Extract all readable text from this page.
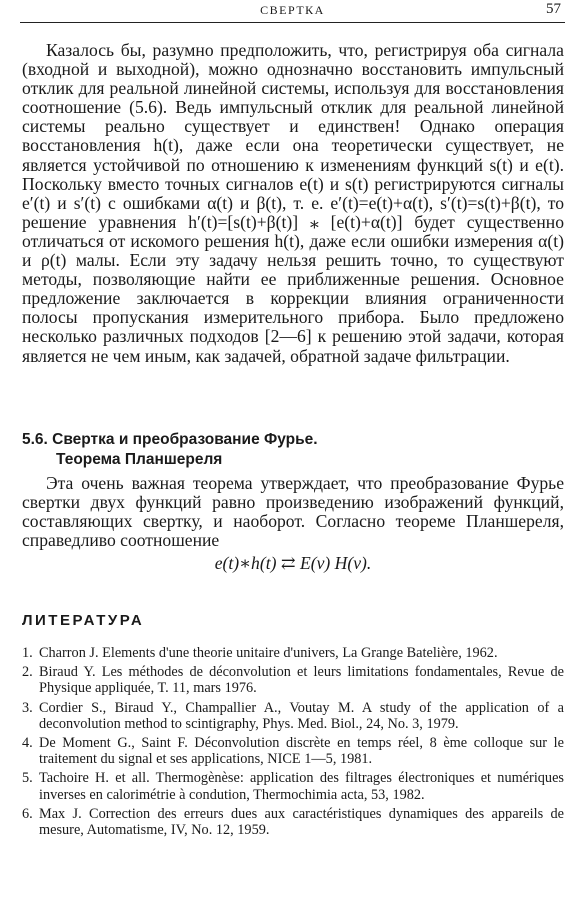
СВЕРТКА	57

Казалось бы, разумно предположить, что, регистрируя оба сигнала (входной и выходной), можно однозначно восстановить импульсный отклик для реальной линейной системы, используя для восстановления соотношение (5.6). Ведь импульсный отклик для реальной линейной системы реально существует и единствен! Однако операция восстановления h(t), даже если она теоретически существует, не является устойчивой по отношению к изменениям функций s(t) и e(t). Поскольку вместо точных сигналов e(t) и s(t) регистрируются сигналы e′(t) и s′(t) с ошибками α(t) и β(t), т. е. e′(t)=e(t)+α(t), s′(t)=s(t)+β(t), то решение уравнения h′(t)=[s(t)+β(t)] ⁎ [e(t)+α(t)] будет существенно отличаться от искомого решения h(t), даже если ошибки измерения α(t) и ρ(t) малы. Если эту задачу нельзя решить точно, то существуют методы, позволяющие найти ее приближенные решения. Основное предложение заключается в коррекции влияния ограниченности полосы пропускания измерительного прибора. Было предложено несколько различных подходов [2—6] к решению этой задачи, которая является не чем иным, как задачей, обратной задаче фильтрации.

5.6. Свертка и преобразование Фурье.
Теорема Планшереля

Эта очень важная теорема утверждает, что преобразование Фурье свертки двух функций равно произведению изображений функций, составляющих свертку, и наоборот. Согласно теореме Планшереля, справедливо соотношение

e(t)∗h(t) ⇄ E(ν) H(ν).
ЛИТЕРАТУРА
1. Charron J. Elements d'une theorie unitaire d'univers, La Grange Batelière, 1962.
2. Biraud Y. Les méthodes de déconvolution et leurs limitations fondamentales, Revue de Physique appliquée, T. 11, mars 1976.
3. Cordier S., Biraud Y., Champallier A., Voutay M. A study of the application of a deconvolution method to scintigraphy, Phys. Med. Biol., 24, No. 3, 1979.
4. De Moment G., Saint F. Déconvolution discrète en temps réel, 8 ème colloque sur le traitement du signal et ses applications, NICE 1—5, 1981.
5. Tachoire H. et all. Thermogènèse: application des filtrages électroniques et numériques inverses en calorimétrie à condution, Thermochimia acta, 53, 1982.
6. Max J. Correction des erreurs dues aux caractéristiques dynamiques des appareils de mesure, Automatisme, IV, No. 12, 1959.
